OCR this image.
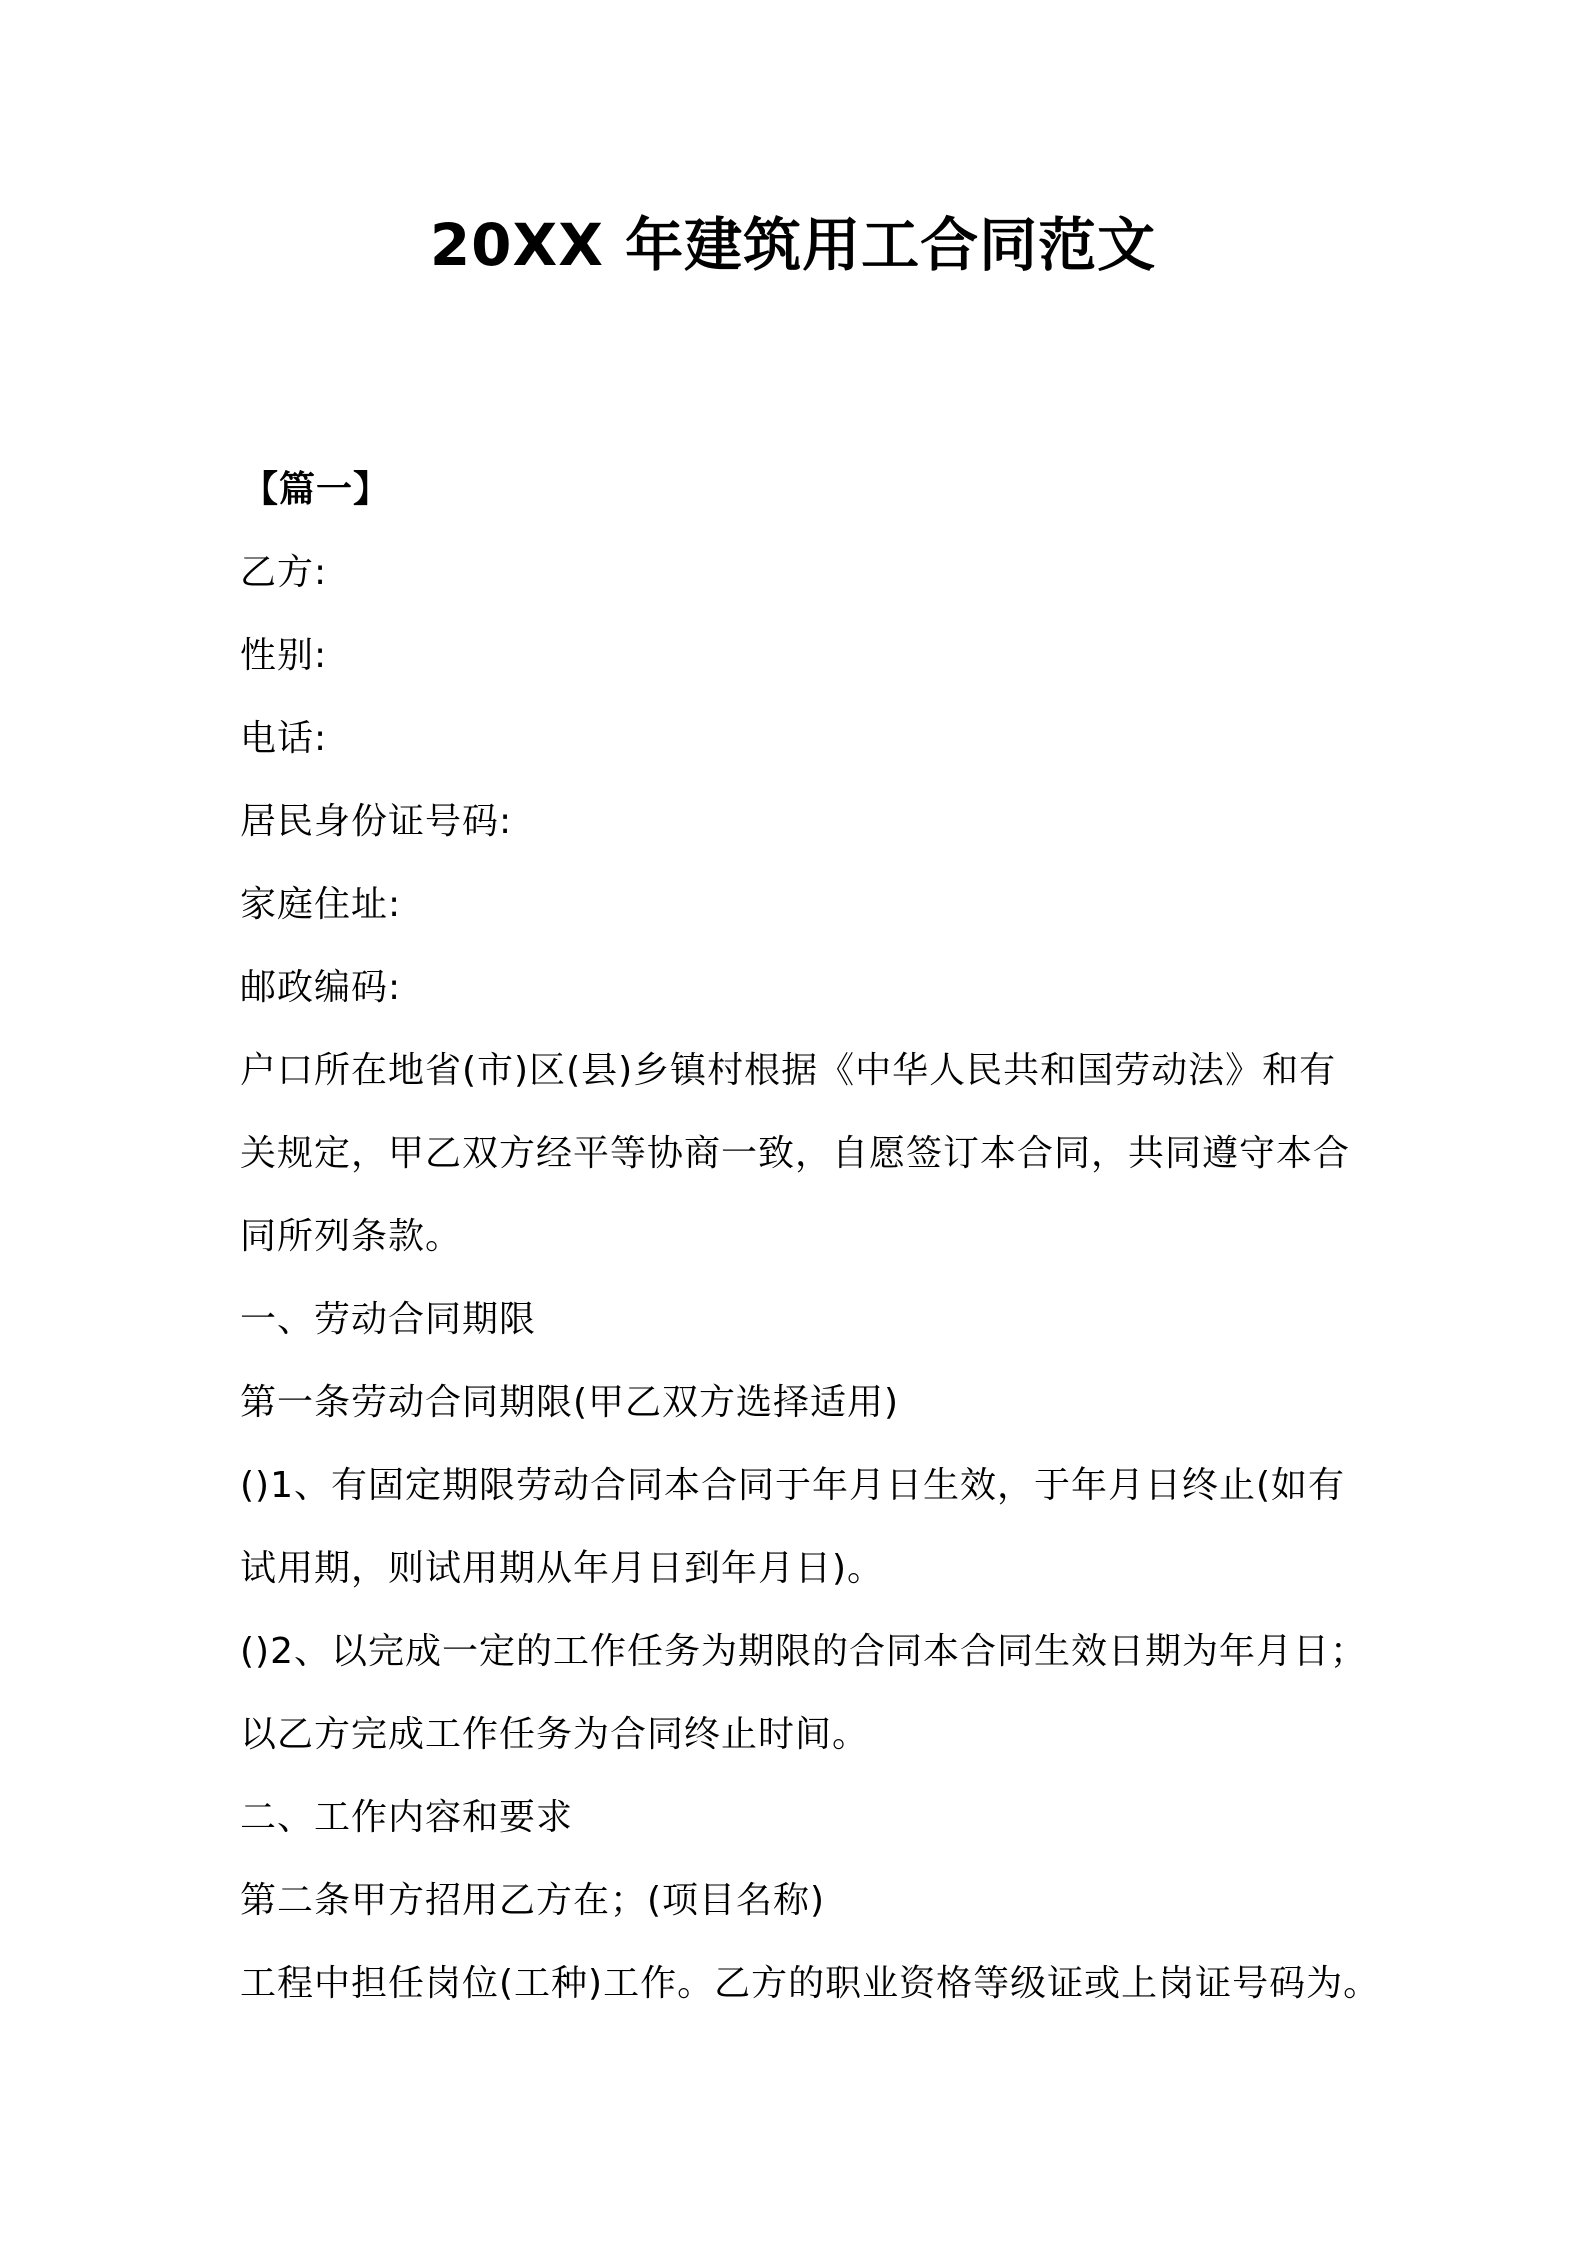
20XX 年建筑用工合同范文
【篇一】
乙方:
性别:
电话:
居民身份证号码:
家庭住址:
邮政编码:
户口所在地省(市)区(县)乡镇村根据《中华人民共和国劳动法》和有
关规定，甲乙双方经平等协商一致，自愿签订本合同，共同遵守本合
同所列条款。
一、劳动合同期限
第一条劳动合同期限(甲乙双方选择适用)
()1、有固定期限劳动合同本合同于年月日生效，于年月日终止(如有
试用期，则试用期从年月日到年月日)。
()2、以完成一定的工作任务为期限的合同本合同生效日期为年月日；
以乙方完成工作任务为合同终止时间。
二、工作内容和要求
第二条甲方招用乙方在；(项目名称)
工程中担任岗位(工种)工作。乙方的职业资格等级证或上岗证号码为。
